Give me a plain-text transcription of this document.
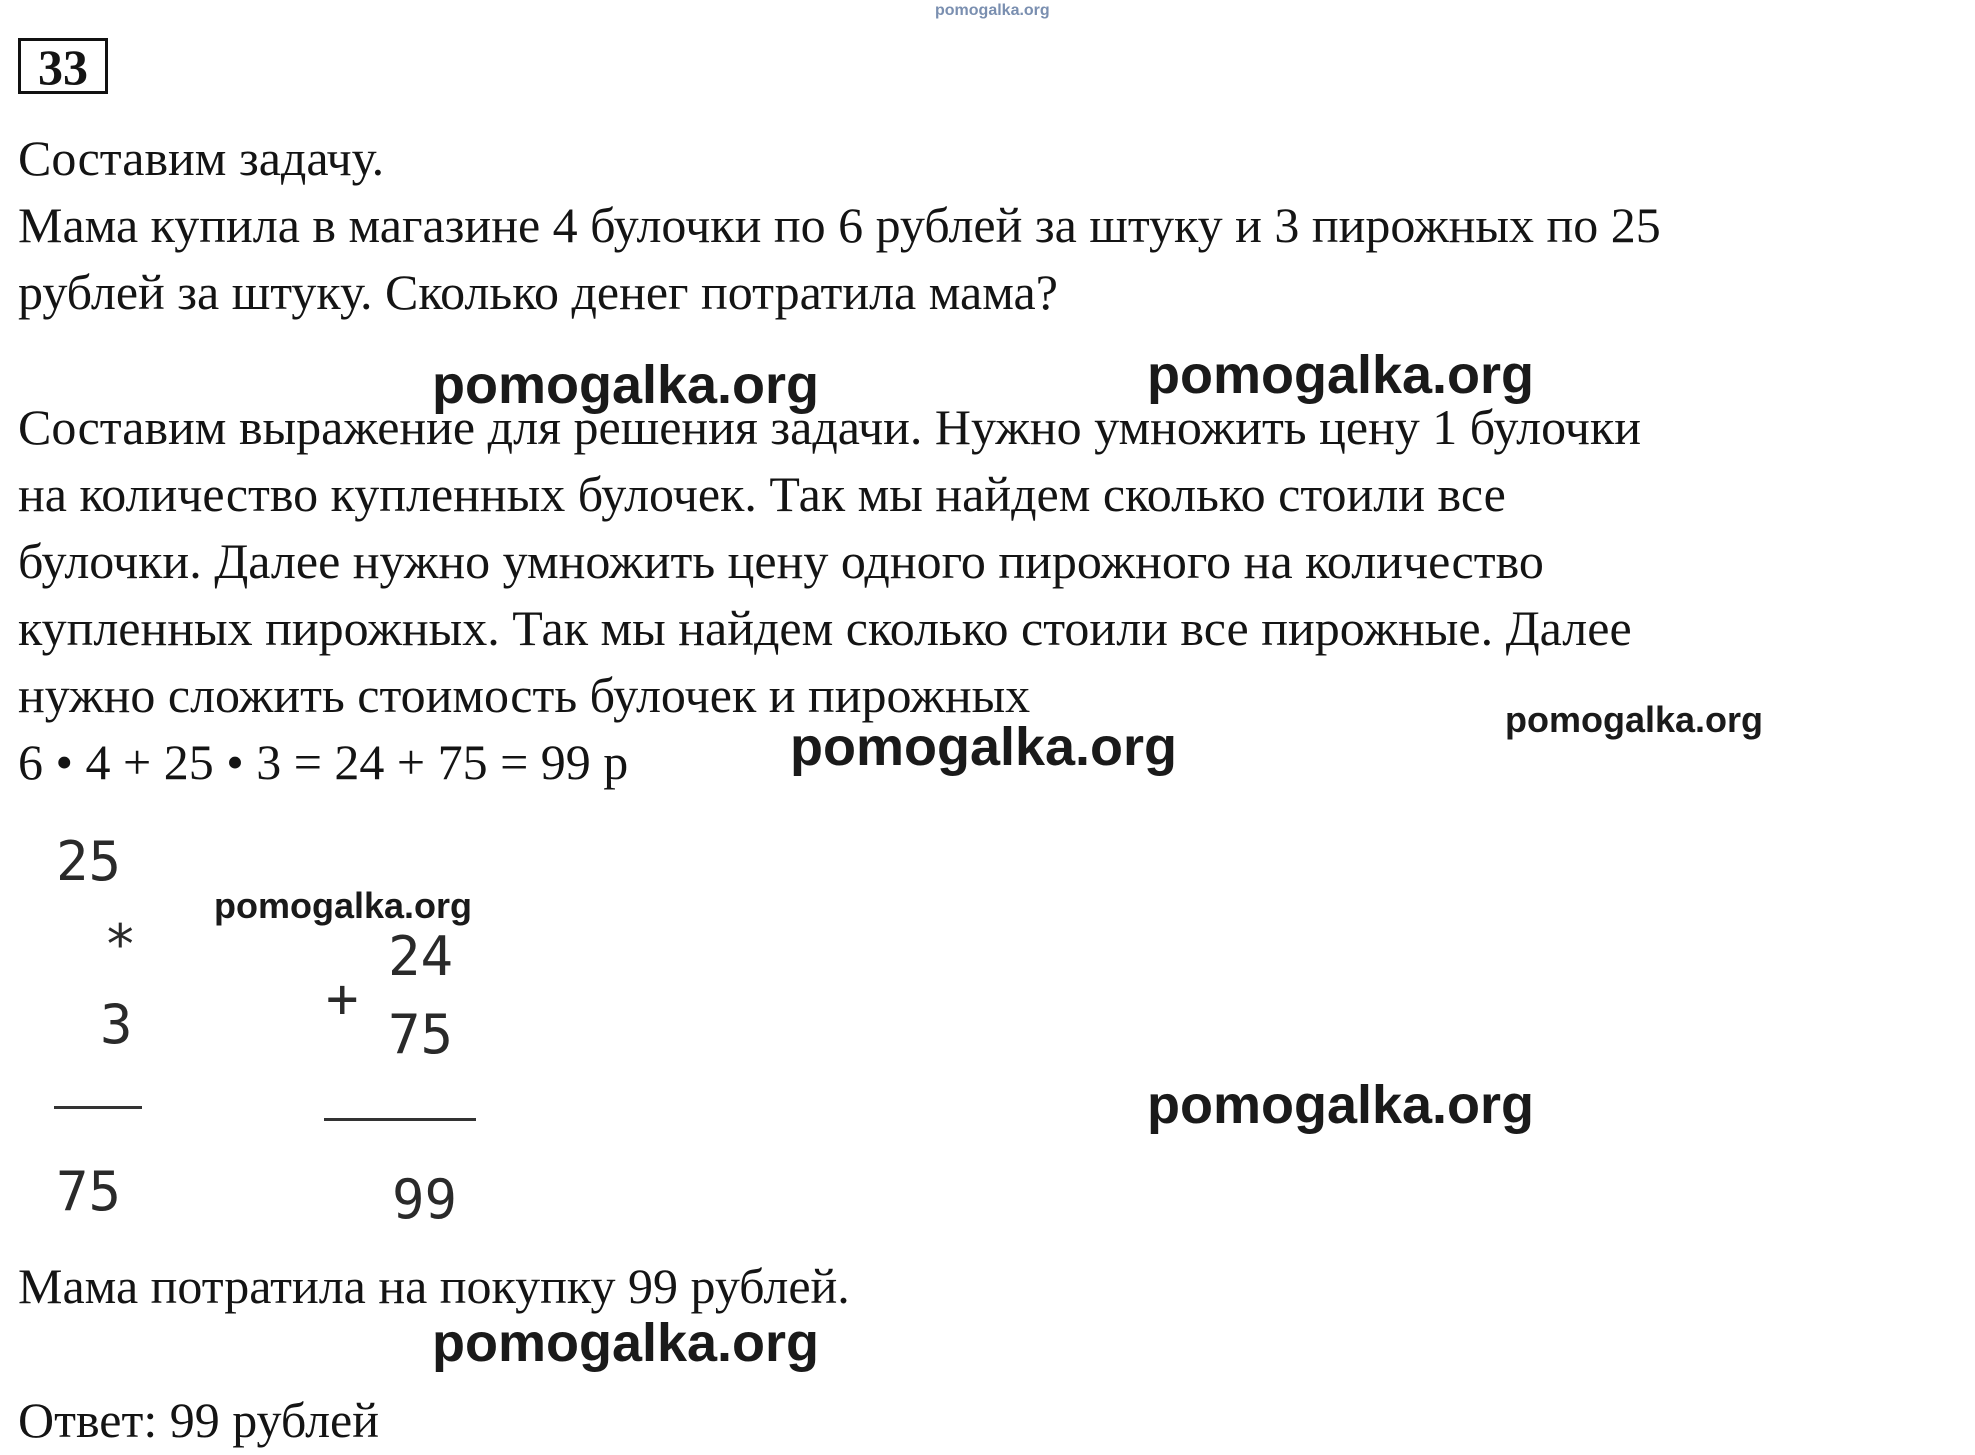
pomogalka.org
33
Составим задачу.
Мама купила в магазине 4 булочки по 6 рублей за штуку и 3 пирожных по 25
рублей за штуку. Сколько денег потратила мама?
Составим выражение для решения задачи. Нужно умножить цену 1 булочки
на количество купленных булочек. Так мы найдем сколько стоили все
булочки. Далее нужно умножить цену одного пирожного на количество
купленных пирожных. Так мы найдем сколько стоили все пирожные. Далее
нужно сложить стоимость булочек и пирожных
6 • 4 + 25 • 3 = 24 + 75 = 99 р
25
*
3
75
+
24
75
99
Мама потратила на покупку 99 рублей.
Ответ: 99 рублей
pomogalka.org	pomogalka.org
pomogalka.org	pomogalka.org
pomogalka.org
pomogalka.org
pomogalka.org
